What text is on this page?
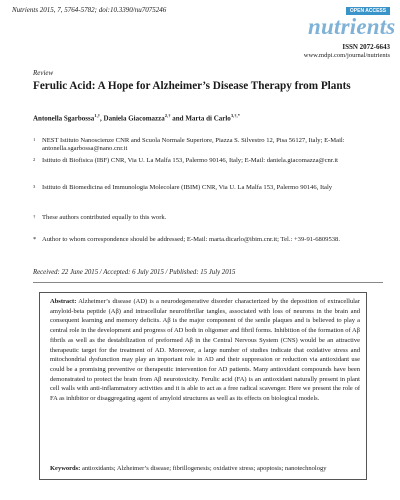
Nutrients 2015, 7, 5764-5782; doi:10.3390/nu7075246	OPEN ACCESS
nutrients
ISSN 2072-6643
www.mdpi.com/journal/nutrients
Review
Ferulic Acid: A Hope for Alzheimer’s Disease Therapy from Plants
Antonella Sgarbossa$^{1,\dagger}$, Daniela Giacomazza$^{2,\dagger}$ and Marta di Carlo$^{3,\dagger,*}$
1	NEST Istituto Nanoscienze CNR and Scuola Normale Superiore, Piazza S. Silvestro 12, Pisa 56127, Italy; E-Mail: antonella.sgarbossa@nano.cnr.it
2	Istituto di Biofisica (IBF) CNR, Via U. La Malfa 153, Palermo 90146, Italy; E-Mail: daniela.giacomazza@cnr.it
3	Istituto di Biomedicina ed Immunologia Molecolare (IBIM) CNR, Via U. La Malfa 153, Palermo 90146, Italy
†	These authors contributed equally to this work.
* Author to whom correspondence should be addressed; E-Mail: marta.dicarlo@ibim.cnr.it; Tel.: +39-91-6809538.
Received: 22 June 2015 / Accepted: 6 July 2015 / Published: 15 July 2015
Abstract: Alzheimer’s disease (AD) is a neurodegenerative disorder characterized by the deposition of extracellular amyloid-beta peptide (Aβ) and intracellular neurofibrillar tangles, associated with loss of neurons in the brain and consequent learning and memory deficits. Aβ is the major component of the senile plaques and is believed to play a central role in the development and progress of AD both in oligomer and fibril forms. Inhibition of the formation of Aβ fibrils as well as the destabilization of preformed Aβ in the Central Nervous System (CNS) would be an attractive therapeutic target for the treatment of AD. Moreover, a large number of studies indicate that oxidative stress and mitochondrial dysfunction may play an important role in AD and their suppression or reduction via antioxidant use could be a promising preventive or therapeutic intervention for AD patients. Many antioxidant compounds have been demonstrated to protect the brain from Aβ neurotoxicity. Ferulic acid (FA) is an antioxidant naturally present in plant cell walls with anti-inflammatory activities and it is able to act as a free radical scavenger. Here we present the role of FA as inhibitor or disaggregating agent of amyloid structures as well as its effects on biological models.
Keywords: antioxidants; Alzheimer’s disease; fibrillogenesis; oxidative stress; apoptosis; nanotechnology
